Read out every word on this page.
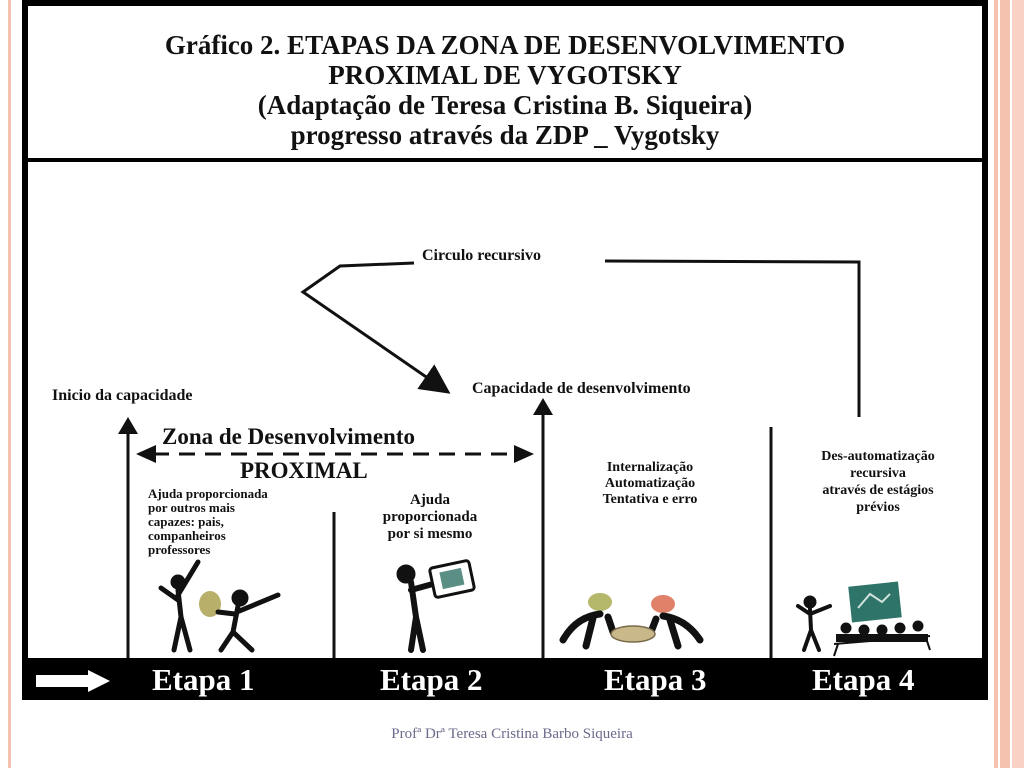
Gráfico 2. ETAPAS DA ZONA DE DESENVOLVIMENTO
PROXIMAL DE VYGOTSKY
(Adaptação de Teresa Cristina B. Siqueira)
progresso através da ZDP _ Vygotsky
Circulo recursivo
Inicio da capacidade	Capacidade de desenvolvimento
Zona de Desenvolvimento
PROXIMAL
Ajuda proporcionada
por outros mais
capazes: pais,
companheiros
professores
Ajuda
proporcionada
por si mesmo
Internalização
Automatização
Tentativa e erro
Des-automatização
recursiva
através de estágios
prévios
Etapa 1	Etapa 2	Etapa 3	Etapa 4
Profª Drª Teresa Cristina Barbo Siqueira
